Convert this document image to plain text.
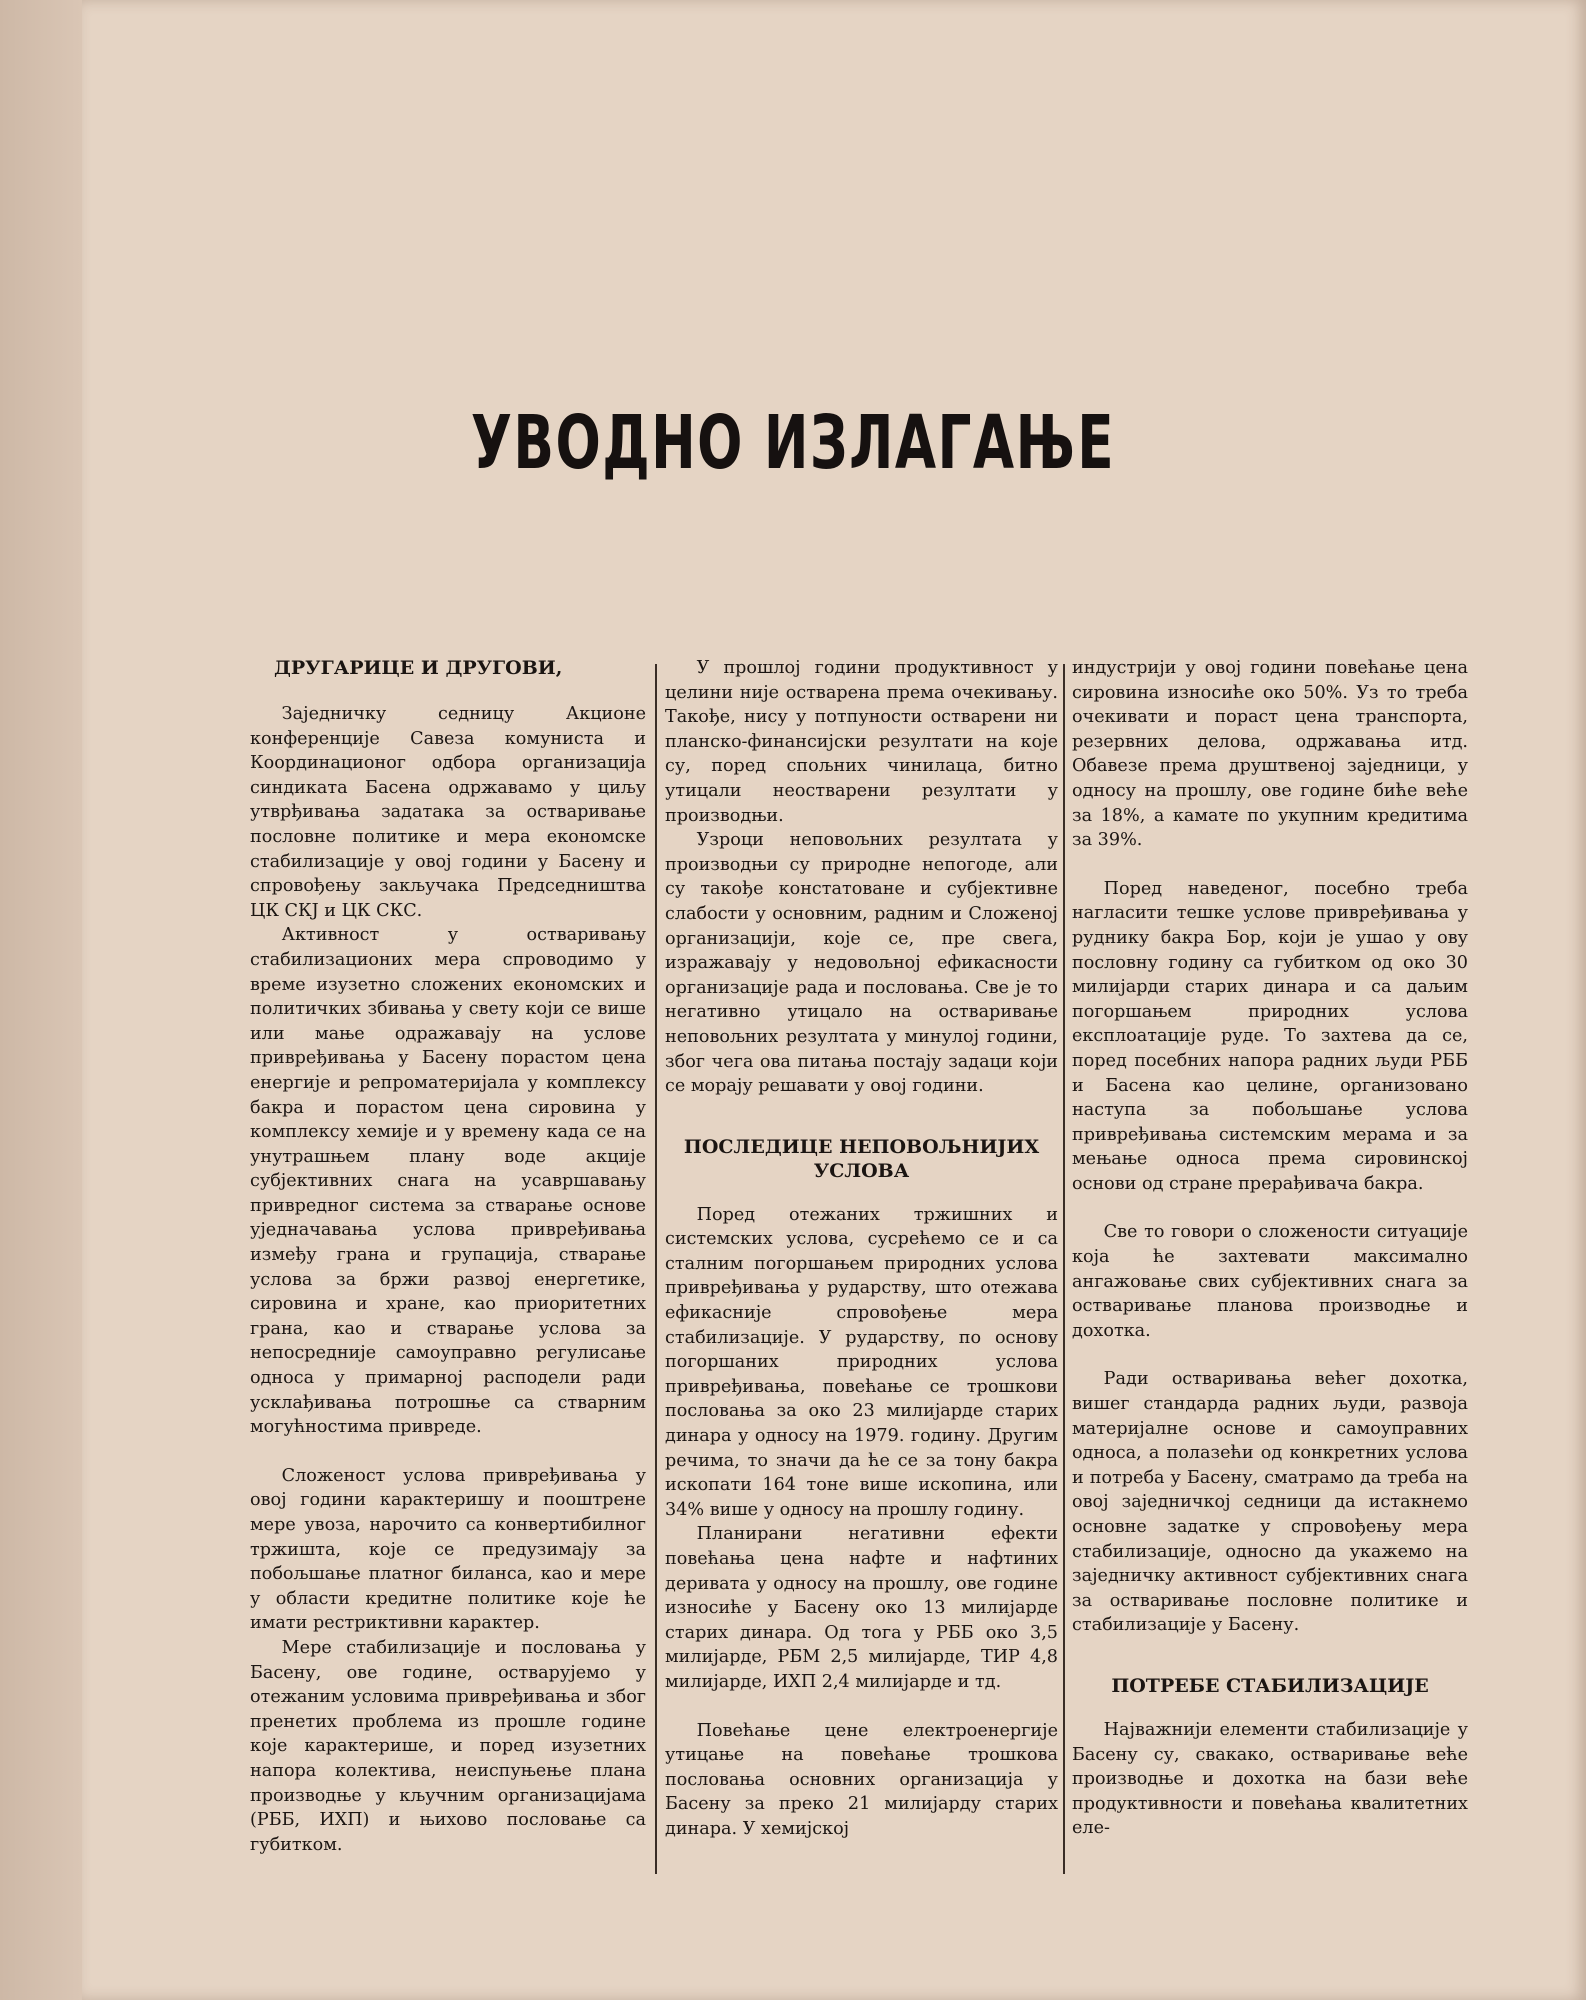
УВОДНО ИЗЛАГАЊЕ
ДРУГАРИЦЕ И ДРУГОВИ,

Заједничку седницу Акционе конференције Савеза комуниста и Координационог одбора организација синдиката Басена одржавамо у циљу утврђивања задатака за остваривање пословне политике и мера економске стабилизације у овој години у Басену и спровођењу закључака Председништва ЦК СКЈ и ЦК СКС.

Активност у остваривању стабилизационих мера спроводимо у време изузетно сложених економских и политичких збивања у свету који се више или мање одражавају на услове привређивања у Басену порастом цена енергије и репроматеријала у комплексу бакра и порастом цена сировина у комплексу хемије и у времену када се на унутрашњем плану воде акције субјективних снага на усавршавању привредног система за стварање основе уједначавања услова привређивања између грана и групација, стварање услова за бржи развој енергетике, сировина и хране, као приоритетних грана, као и стварање услова за непосредније самоуправно регулисање односа у примарној расподели ради усклађивања потрошње са стварним могућностима привреде.

Сложеност услова привређивања у овој години карактеришу и пооштрене мере увоза, нарочито са конвертибилног тржишта, које се предузимају за побољшање платног биланса, као и мере у области кредитне политике које ће имати рестриктивни карактер.

Мере стабилизације и пословања у Басену, ове године, остварујемо у отежаним условима привређивања и због пренетих проблема из прошле године које карактерише, и поред изузетних напора колектива, неиспуњење плана производње у кључним организацијама (РББ, ИХП) и њихово пословање са губитком.

У прошлој години продуктивност у целини није остварена према очекивању. Такође, нису у потпуности остварени ни планско-финансијски резултати на које су, поред спољних чинилаца, битно утицали неостварени резултати у производњи.

Узроци неповољних резултата у производњи су природне непогоде, али су такође констатоване и субјективне слабости у основним, радним и Сложеној организацији, које се, пре свега, изражавају у недовољној ефикасности организације рада и пословања. Све је то негативно утицало на остваривање неповољних резултата у минулој години, због чега ова питања постају задаци који се морају решавати у овој години.

ПОСЛЕДИЦЕ НЕПОВОЉНИЈИХ УСЛОВА

Поред отежаних тржишних и системских услова, сусрећемо се и са сталним погоршањем природних услова привређивања у рударству, што отежава ефикасније спровођење мера стабилизације. У рударству, по основу погоршаних природних услова привређивања, повећање се трошкови пословања за око 23 милијарде старих динара у односу на 1979. годину. Другим речима, то значи да ће се за тону бакра ископати 164 тоне више ископина, или 34% више у односу на прошлу годину.

Планирани негативни ефекти повећања цена нафте и нафтиних деривата у односу на прошлу, ове године износиће у Басену око 13 милијарде старих динара. Од тога у РББ око 3,5 милијарде, РБМ 2,5 милијарде, ТИР 4,8 милијарде, ИХП 2,4 милијарде и тд.

Повећање цене електроенергије утицање на повећање трошкова пословања основних организација у Басену за преко 21 милијарду старих динара. У хемијској

индустрији у овој години повећање цена сировина износиће око 50%. Уз то треба очекивати и пораст цена транспорта, резервних делова, одржавања итд. Обавезе према друштвеној заједници, у односу на прошлу, ове године биће веће за 18%, а камате по укупним кредитима за 39%.

Поред наведеног, посебно треба нагласити тешке услове привређивања у руднику бакра Бор, који је ушао у ову пословну годину са губитком од око 30 милијарди старих динара и са даљим погоршањем природних услова експлоатације руде. То захтева да се, поред посебних напора радних људи РББ и Басена као целине, организовано наступа за побољшање услова привређивања системским мерама и за мењање односа према сировинској основи од стране прерађивача бакра.

Све то говори о сложености ситуације која ће захтевати максимално ангажовање свих субјективних снага за остваривање планова производње и дохотка.

Ради остваривања већег дохотка, вишег стандарда радних људи, развоја материјалне основе и самоуправних односа, а полазећи од конкретних услова и потреба у Басену, сматрамо да треба на овој заједничкој седници да истакнемо основне задатке у спровођењу мера стабилизације, односно да укажемо на заједничку активност субјективних снага за остваривање пословне политике и стабилизације у Басену.

ПОТРЕБЕ СТАБИЛИЗАЦИЈЕ

Најважнији елементи стабилизације у Басену су, свакако, остваривање веће производње и дохотка на бази веће продуктивности и повећања квалитетних еле-
